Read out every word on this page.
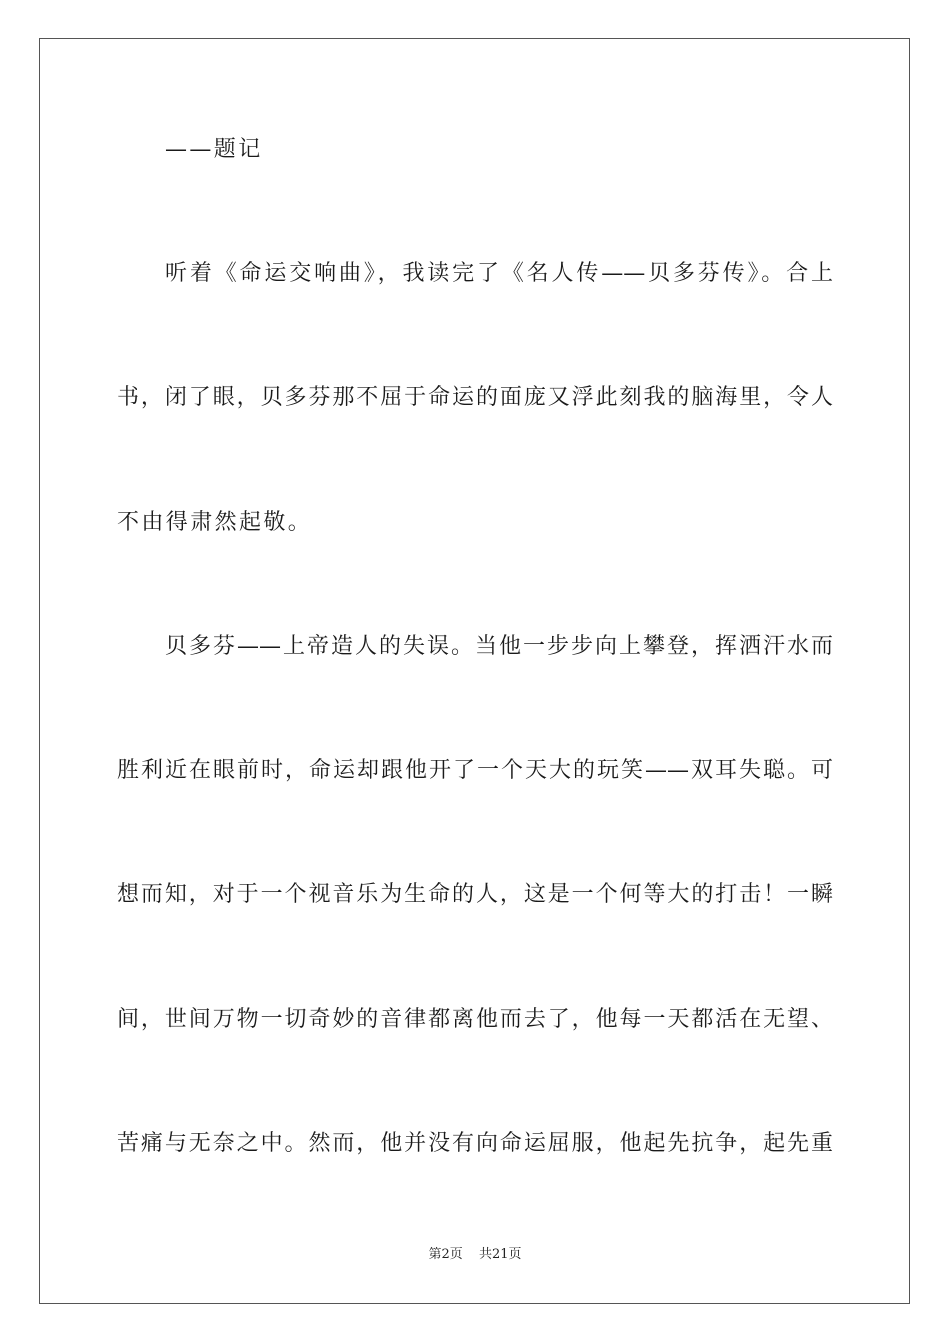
——题记
听着《命运交响曲》，我读完了《名人传——贝多芬传》。合上
书，闭了眼，贝多芬那不屈于命运的面庞又浮此刻我的脑海里，令人
不由得肃然起敬。
贝多芬——上帝造人的失误。当他一步步向上攀登，挥洒汗水而
胜利近在眼前时，命运却跟他开了一个天大的玩笑——双耳失聪。可
想而知，对于一个视音乐为生命的人，这是一个何等大的打击！一瞬
间，世间万物一切奇妙的音律都离他而去了，他每一天都活在无望、
苦痛与无奈之中。然而，他并没有向命运屈服，他起先抗争，起先重
第2页 共21页
